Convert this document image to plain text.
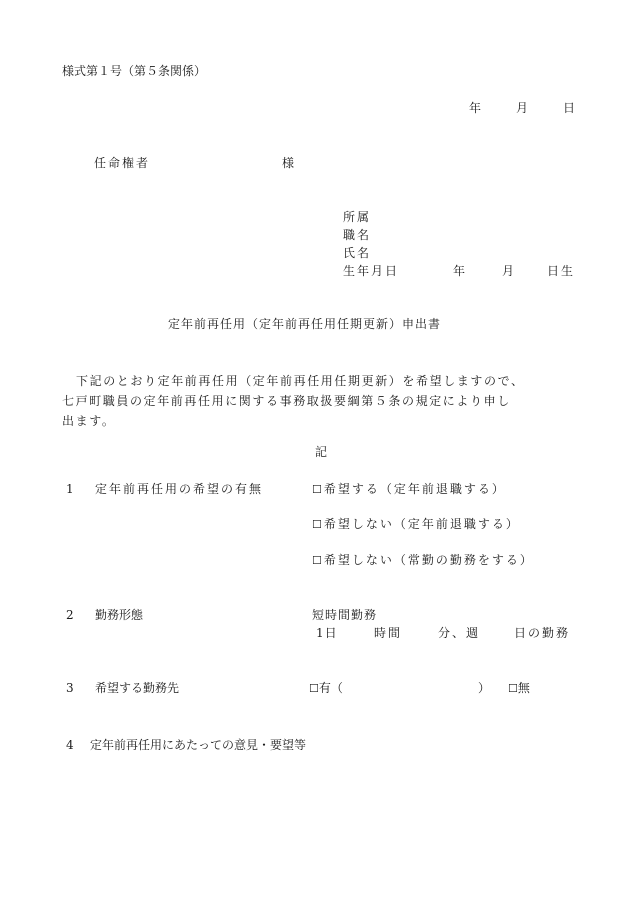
様式第１号（第５条関係）
年	月	日
任命権者	様
所属
職名
氏名
生年月日	年	月	日生
定年前再任用（定年前再任用任期更新）申出書

下記のとおり定年前再任用（定年前再任用任期更新）を希望しますので、

七戸町職員の定年前再任用に関する事務取扱要綱第５条の規定により申し

出ます。

記
1 定年前再任用の希望の有無	☐希望する（定年前退職する）
☐希望しない（定年前退職する）
☐希望しない（常勤の勤務をする）
2 勤務形態	短時間勤務
1日	時間	分、週	日の勤務
3 希望する勤務先	☐有（	） ☐無
4 定年前再任用にあたっての意見・要望等
